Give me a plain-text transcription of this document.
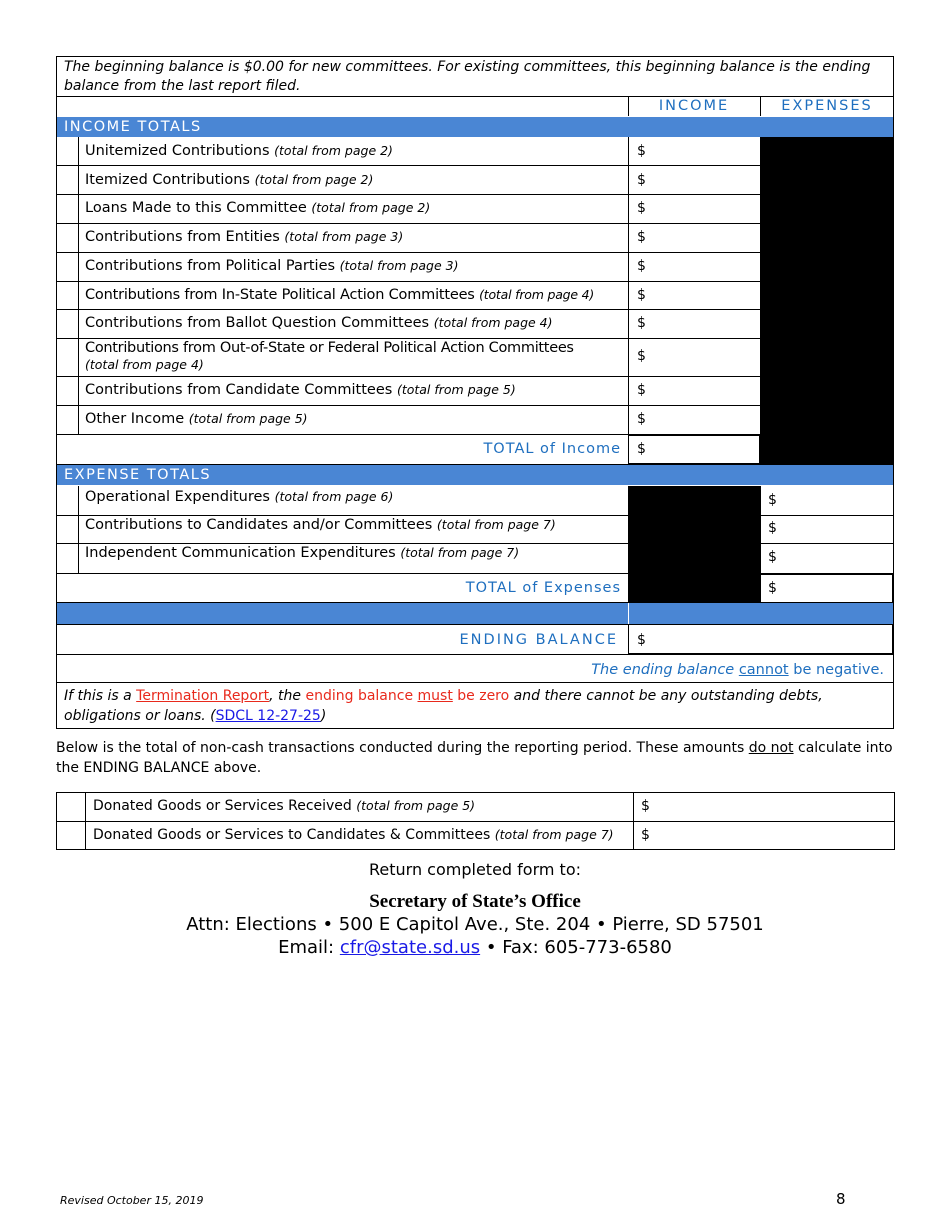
The beginning balance is $0.00 for new committees. For existing committees, this beginning balance is the ending
balance from the last report filed.
INCOME	EXPENSES
INCOME TOTALS
Unitemized Contributions (total from page 2)	$
Itemized Contributions (total from page 2)	$
Loans Made to this Committee (total from page 2)	$
Contributions from Entities (total from page 3)	$
Contributions from Political Parties (total from page 3)	$
Contributions from In-State Political Action Committees (total from page 4)	$
Contributions from Ballot Question Committees (total from page 4)	$
Contributions from Out-of-State or Federal Political Action Committees
(total from page 4)
$
Contributions from Candidate Committees (total from page 5)	$
Other Income (total from page 5)	$
TOTAL of Income $
EXPENSE TOTALS
Operational Expenditures (total from page 6)	$
Contributions to Candidates and/or Committees (total from page 7)	$
Independent Communication Expenditures (total from page 7)	$
TOTAL of Expenses	$
ENDING BALANCE $
The ending balance cannot be negative.
If this is a Termination Report, the ending balance must be zero and there cannot be any outstanding debts,
obligations or loans. (SDCL 12-27-25)
Below is the total of non-cash transactions conducted during the reporting period. These amounts do not calculate into
the ENDING BALANCE above.
Donated Goods or Services Received (total from page 5)	$
Donated Goods or Services to Candidates & Committees (total from page 7) $
Return completed form to:
Secretary of State’s Office
Attn: Elections • 500 E Capitol Ave., Ste. 204 • Pierre, SD 57501
Email: cfr@state.sd.us • Fax: 605-773-6580
Revised October 15, 2019	8
